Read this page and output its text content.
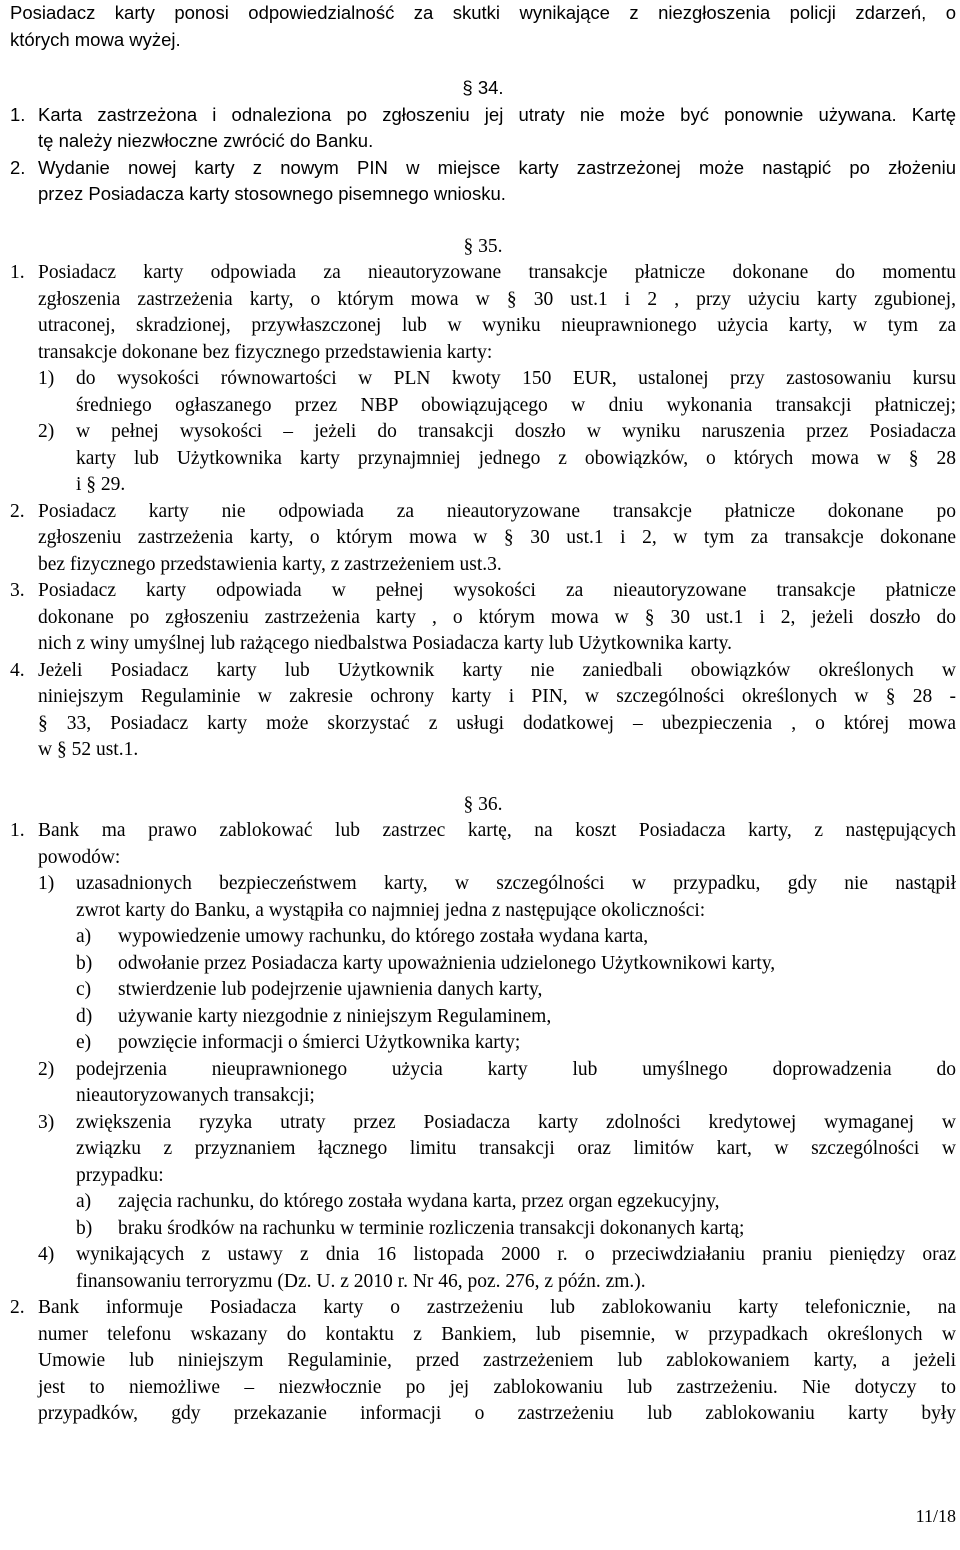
Posiadacz karty ponosi odpowiedzialność za skutki wynikające z niezgłoszenia policji zdarzeń, o
których mowa wyżej.
§ 34.
1. Karta zastrzeżona i odnaleziona po zgłoszeniu jej utraty nie może być ponownie używana. Kartę
tę należy niezwłoczne zwrócić do Banku.
2. Wydanie nowej karty z nowym PIN w miejsce karty zastrzeżonej może nastąpić po złożeniu
przez Posiadacza karty stosownego pisemnego wniosku.
§ 35.
1. Posiadacz karty odpowiada za nieautoryzowane transakcje płatnicze dokonane do momentu
zgłoszenia zastrzeżenia karty, o którym mowa w § 30 ust.1 i 2 , przy użyciu karty zgubionej,
utraconej, skradzionej, przywłaszczonej lub w wyniku nieuprawnionego użycia karty, w tym za
transakcje dokonane bez fizycznego przedstawienia karty:
1)	do wysokości równowartości w PLN kwoty 150 EUR, ustalonej przy zastosowaniu kursu
średniego ogłaszanego przez NBP obowiązującego w dniu wykonania transakcji płatniczej;
2)	w pełnej wysokości – jeżeli do transakcji doszło w wyniku naruszenia przez Posiadacza
karty lub Użytkownika karty przynajmniej jednego z obowiązków, o których mowa w § 28
i § 29.
2. Posiadacz karty nie odpowiada za nieautoryzowane transakcje płatnicze dokonane po
zgłoszeniu zastrzeżenia karty, o którym mowa w § 30 ust.1 i 2, w tym za transakcje dokonane
bez fizycznego przedstawienia karty, z zastrzeżeniem ust.3.
3. Posiadacz karty odpowiada w pełnej wysokości za nieautoryzowane transakcje płatnicze
dokonane po zgłoszeniu zastrzeżenia karty , o którym mowa w § 30 ust.1 i 2, jeżeli doszło do
nich z winy umyślnej lub rażącego niedbalstwa Posiadacza karty lub Użytkownika karty.
4. Jeżeli Posiadacz karty lub Użytkownik karty nie zaniedbali obowiązków określonych w
niniejszym Regulaminie w zakresie ochrony karty i PIN, w szczególności określonych w § 28 -
§ 33, Posiadacz karty może skorzystać z usługi dodatkowej – ubezpieczenia , o której mowa
w § 52 ust.1.
§ 36.
1. Bank ma prawo zablokować lub zastrzec kartę, na koszt Posiadacza karty, z następujących
powodów:
1)	uzasadnionych bezpieczeństwem karty, w szczególności w przypadku, gdy nie nastąpił
zwrot karty do Banku, a wystąpiła co najmniej jedna z następujące okoliczności:
a)	wypowiedzenie umowy rachunku, do którego została wydana karta,
b)	odwołanie przez Posiadacza karty upoważnienia udzielonego Użytkownikowi karty,
c)	stwierdzenie lub podejrzenie ujawnienia danych karty,
d)	używanie karty niezgodnie z niniejszym Regulaminem,
e)	powzięcie informacji o śmierci Użytkownika karty;
2)	podejrzenia nieuprawnionego użycia karty lub umyślnego doprowadzenia do
nieautoryzowanych transakcji;
3)	zwiększenia ryzyka utraty przez Posiadacza karty zdolności kredytowej wymaganej w
związku z przyznaniem łącznego limitu transakcji oraz limitów kart, w szczególności w
przypadku:
a)	zajęcia rachunku, do którego została wydana karta, przez organ egzekucyjny,
b)	braku środków na rachunku w terminie rozliczenia transakcji dokonanych kartą;
4)	wynikających z ustawy z dnia 16 listopada 2000 r. o przeciwdziałaniu praniu pieniędzy oraz
finansowaniu terroryzmu (Dz. U. z 2010 r. Nr 46, poz. 276, z późn. zm.).
2. Bank informuje Posiadacza karty o zastrzeżeniu lub zablokowaniu karty telefonicznie, na
numer telefonu wskazany do kontaktu z Bankiem, lub pisemnie, w przypadkach określonych w
Umowie lub niniejszym Regulaminie, przed zastrzeżeniem lub zablokowaniem karty, a jeżeli
jest to niemożliwe – niezwłocznie po jej zablokowaniu lub zastrzeżeniu. Nie dotyczy to
przypadków, gdy przekazanie informacji o zastrzeżeniu lub zablokowaniu karty były
11/18
